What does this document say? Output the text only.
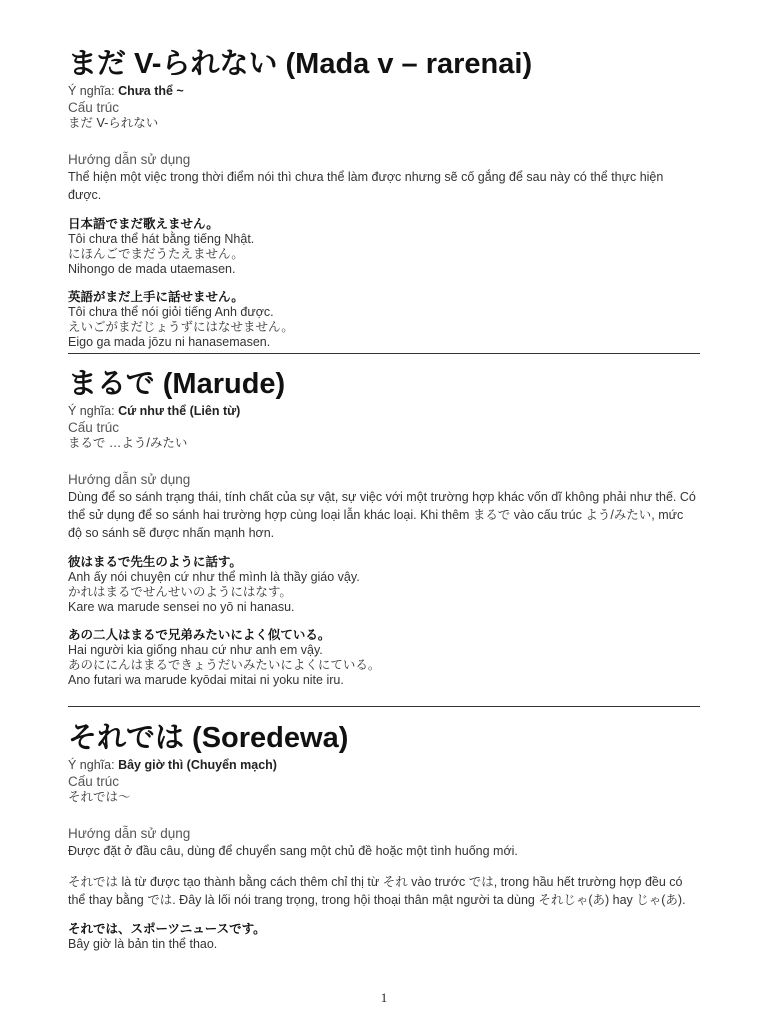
まだ V-られない (Mada v – rarenai)
Ý nghĩa: Chưa thể ~
Cấu trúc
まだ V-られない
Hướng dẫn sử dụng
Thể hiện một việc trong thời điểm nói thì chưa thể làm được nhưng sẽ cố gắng để sau này có thể thực hiện được.
日本語でまだ歌えません。
Tôi chưa thể hát bằng tiếng Nhật.
にほんごでまだうたえません。
Nihongo de mada utaemasen.
英語がまだ上手に話せません。
Tôi chưa thể nói giỏi tiếng Anh được.
えいごがまだじょうずにはなせません。
Eigo ga mada jōzu ni hanasemasen.
まるで (Marude)
Ý nghĩa: Cứ như thể (Liên từ)
Cấu trúc
まるで …よう/みたい
Hướng dẫn sử dụng
Dùng để so sánh trạng thái, tính chất của sự vật, sự việc với một trường hợp khác vốn dĩ không phải như thế. Có thể sử dụng để so sánh hai trường hợp cùng loại lẫn khác loại. Khi thêm まるで vào cấu trúc よう/みたい, mức độ so sánh sẽ được nhấn mạnh hơn.
彼はまるで先生のように話す。
Anh ấy nói chuyện cứ như thể mình là thầy giáo vậy.
かれはまるでせんせいのようにはなす。
Kare wa marude sensei no yō ni hanasu.
あの二人はまるで兄弟みたいによく似ている。
Hai người kia giống nhau cứ như anh em vậy.
あのににんはまるできょうだいみたいによくにている。
Ano futari wa marude kyōdai mitai ni yoku nite iru.
それでは (Soredewa)
Ý nghĩa: Bây giờ thì (Chuyển mạch)
Cấu trúc
それでは～
Hướng dẫn sử dụng
Được đặt ở đầu câu, dùng để chuyển sang một chủ đề hoặc một tình huống mới.
それでは là từ được tạo thành bằng cách thêm chỉ thị từ それ vào trước では, trong hầu hết trường hợp đều có thể thay bằng では. Đây là lối nói trang trọng, trong hội thoại thân mật người ta dùng それじゃ(あ) hay じゃ(あ).
それでは、スポーツニュースです。
Bây giờ là bản tin thể thao.
1
